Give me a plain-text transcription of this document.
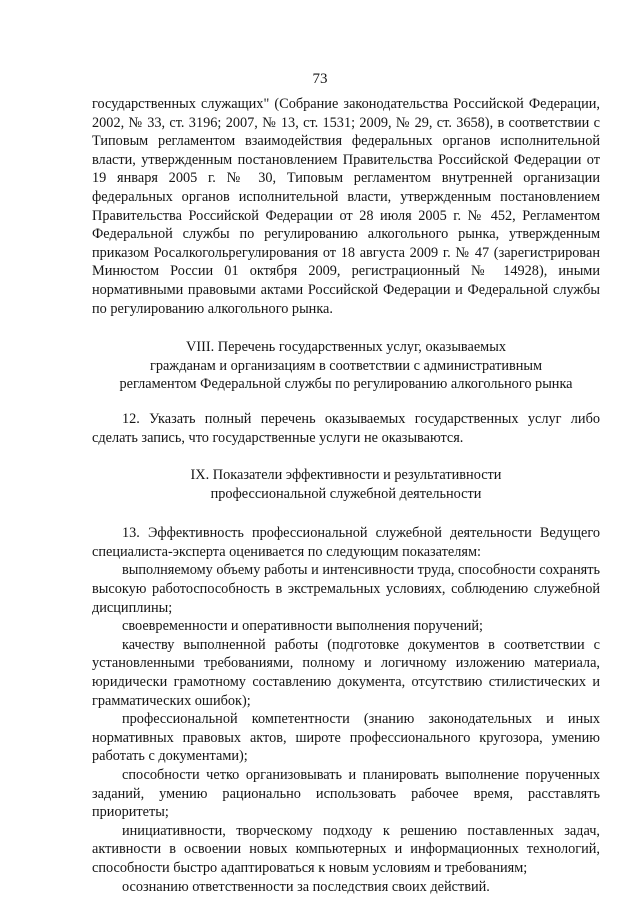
73

государственных служащих" (Собрание законодательства Российской Федерации, 2002, № 33, ст. 3196; 2007, № 13, ст. 1531; 2009, № 29, ст. 3658), в соответствии с Типовым регламентом взаимодействия федеральных органов исполнительной власти, утвержденным постановлением Правительства Российской Федерации от 19 января 2005 г. № 30, Типовым регламентом внутренней организации федеральных органов исполнительной власти, утвержденным постановлением Правительства Российской Федерации от 28 июля 2005 г. № 452, Регламентом Федеральной службы по регулированию алкогольного рынка, утвержденным приказом Росалкогольрегулирования от 18 августа 2009 г. № 47 (зарегистрирован Минюстом России 01 октября 2009, регистрационный № 14928), иными нормативными правовыми актами Российской Федерации и Федеральной службы по регулированию алкогольного рынка.

VIII. Перечень государственных услуг, оказываемых
гражданам и организациям в соответствии с административным
регламентом Федеральной службы по регулированию алкогольного рынка

12. Указать полный перечень оказываемых государственных услуг либо сделать запись, что государственные услуги не оказываются.

IX. Показатели эффективности и результативности
профессиональной служебной деятельности

13. Эффективность профессиональной служебной деятельности Ведущего специалиста-эксперта оценивается по следующим показателям:

выполняемому объему работы и интенсивности труда, способности сохранять высокую работоспособность в экстремальных условиях, соблюдению служебной дисциплины;

своевременности и оперативности выполнения поручений;

качеству выполненной работы (подготовке документов в соответствии с установленными требованиями, полному и логичному изложению материала, юридически грамотному составлению документа, отсутствию стилистических и грамматических ошибок);

профессиональной компетентности (знанию законодательных и иных нормативных правовых актов, широте профессионального кругозора, умению работать с документами);

способности четко организовывать и планировать выполнение порученных заданий, умению рационально использовать рабочее время, расставлять приоритеты;

инициативности, творческому подходу к решению поставленных задач, активности в освоении новых компьютерных и информационных технологий, способности быстро адаптироваться к новым условиям и требованиям;

осознанию ответственности за последствия своих действий.
